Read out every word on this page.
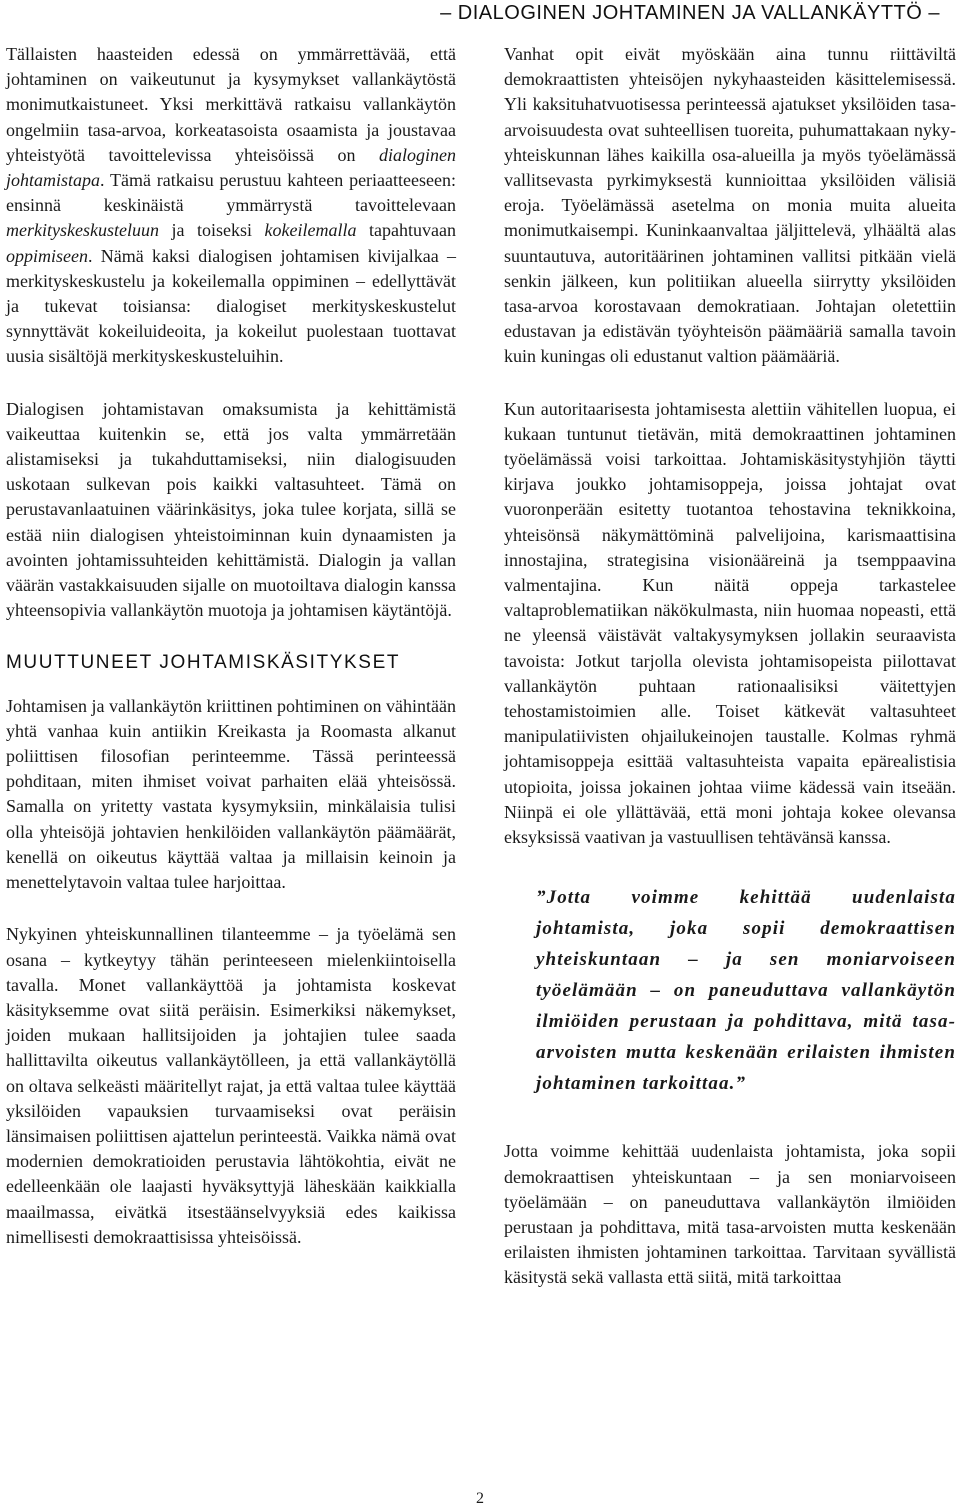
– DIALOGINEN JOHTAMINEN JA VALLANKÄYTTÖ –

Tällaisten haasteiden edessä on ymmärrettävää, että johtaminen on vaikeutunut ja kysymykset vallankäytöstä monimutkaistuneet. Yksi merkittävä ratkaisu vallankäytön ongelmiin tasa-arvoa, korkeatasoista osaamista ja joustavaa yhteistyötä tavoittelevissa yhteisöissä on dialoginen johtamistapa. Tämä ratkaisu perustuu kahteen periaatteeseen: ensinnä keskinäistä ymmärrystä tavoittelevaan merkityskeskusteluun ja toiseksi kokeilemalla tapahtuvaan oppimiseen. Nämä kaksi dialogisen johtamisen kivijalkaa – merkityskeskustelu ja kokeilemalla oppiminen – edellyttävät ja tukevat toisiansa: dialogiset merkityskeskustelut synnyttävät kokeiluideoita, ja kokeilut puolestaan tuottavat uusia sisältöjä merkityskeskusteluihin.

Dialogisen johtamistavan omaksumista ja kehittämistä vaikeuttaa kuitenkin se, että jos valta ymmärretään alistamiseksi ja tukahduttamiseksi, niin dialogisuuden uskotaan sulkevan pois kaikki valtasuhteet. Tämä on perustavanlaatuinen väärinkäsitys, joka tulee korjata, sillä se estää niin dialogisen yhteistoiminnan kuin dynaamisten ja avointen johtamissuhteiden kehittämistä. Dialogin ja vallan väärän vastakkaisuuden sijalle on muotoiltava dialogin kanssa yhteensopivia vallankäytön muotoja ja johtamisen käytäntöjä.

MUUTTUNEET JOHTAMISKÄSITYKSET

Johtamisen ja vallankäytön kriittinen pohtiminen on vähintään yhtä vanhaa kuin antiikin Kreikasta ja Roomasta alkanut poliittisen filosofian perinteemme. Tässä perinteessä pohditaan, miten ihmiset voivat parhaiten elää yhteisössä. Samalla on yritetty vastata kysymyksiin, minkälaisia tulisi olla yhteisöjä johtavien henkilöiden vallankäytön päämäärät, kenellä on oikeutus käyttää valtaa ja millaisin keinoin ja menettelytavoin valtaa tulee harjoittaa.

Nykyinen yhteiskunnallinen tilanteemme – ja työelämä sen osana – kytkeytyy tähän perinteeseen mielenkiintoisella tavalla. Monet vallankäyttöä ja johtamista koskevat käsityksemme ovat siitä peräisin. Esimerkiksi näkemykset, joiden mukaan hallitsijoiden ja johtajien tulee saada hallittavilta oikeutus vallankäytölleen, ja että vallankäytöllä on oltava selkeästi määritellyt rajat, ja että valtaa tulee käyttää yksilöiden vapauksien turvaamiseksi ovat peräisin länsimaisen poliittisen ajattelun perinteestä. Vaikka nämä ovat modernien demokratioiden perustavia lähtökohtia, eivät ne edelleenkään ole laajasti hyväksyttyjä läheskään kaikkialla maailmassa, eivätkä itsestäänselvyyksiä edes kaikissa nimellisesti demokraattisissa yhteisöissä.

Vanhat opit eivät myöskään aina tunnu riittäviltä demokraattisten yhteisöjen nykyhaasteiden käsittelemisessä. Yli kaksituhatvuotisessa perinteessä ajatukset yksilöiden tasa-arvoisuudesta ovat suhteellisen tuoreita, puhumattakaan nyky-yhteiskunnan lähes kaikilla osa-alueilla ja myös työelämässä vallitsevasta pyrkimyksestä kunnioittaa yksilöiden välisiä eroja. Työelämässä asetelma on monia muita alueita monimutkaisempi. Kuninkaanvaltaa jäljittelevä, ylhäältä alas suuntautuva, autoritäärinen johtaminen vallitsi pitkään vielä senkin jälkeen, kun politiikan alueella siirrytty yksilöiden tasa-arvoa korostavaan demokratiaan. Johtajan oletettiin edustavan ja edistävän työyhteisön päämääriä samalla tavoin kuin kuningas oli edustanut valtion päämääriä.

Kun autoritaarisesta johtamisesta alettiin vähitellen luopua, ei kukaan tuntunut tietävän, mitä demokraattinen johtaminen työelämässä voisi tarkoittaa. Johtamiskäsitystyhjiön täytti kirjava joukko johtamisoppeja, joissa johtajat ovat vuoronperään esitetty tuotantoa tehostavina teknikkoina, yhteisönsä näkymättöminä palvelijoina, karismaattisina innostajina, strategisina visionääreinä ja tsemppaavina valmentajina. Kun näitä oppeja tarkastelee valtaproblematiikan näkökulmasta, niin huomaa nopeasti, että ne yleensä väistävät valtakysymyksen jollakin seuraavista tavoista: Jotkut tarjolla olevista johtamisopeista piilottavat vallankäytön puhtaan rationaalisiksi väitettyjen tehostamistoimien alle. Toiset kätkevät valtasuhteet manipulatiivisten ohjailukeinojen taustalle. Kolmas ryhmä johtamisoppeja esittää valtasuhteista vapaita epärealistisia utopioita, joissa jokainen johtaa viime kädessä vain itseään. Niinpä ei ole yllättävää, että moni johtaja kokee olevansa eksyksissä vaativan ja vastuullisen tehtävänsä kanssa.

”Jotta voimme kehittää uudenlaista johtamista, joka sopii demokraattisen yhteiskuntaan – ja sen moniarvoiseen työelämään – on paneuduttava vallankäytön ilmiöiden perustaan ja pohdittava, mitä tasa-arvoisten mutta keskenään erilaisten ihmisten johtaminen tarkoittaa.”

Jotta voimme kehittää uudenlaista johtamista, joka sopii demokraattisen yhteiskuntaan – ja sen moniarvoiseen työelämään – on paneuduttava vallankäytön ilmiöiden perustaan ja pohdittava, mitä tasa-arvoisten mutta keskenään erilaisten ihmisten johtaminen tarkoittaa. Tarvitaan syvällistä käsitystä sekä vallasta että siitä, mitä tarkoittaa

2
